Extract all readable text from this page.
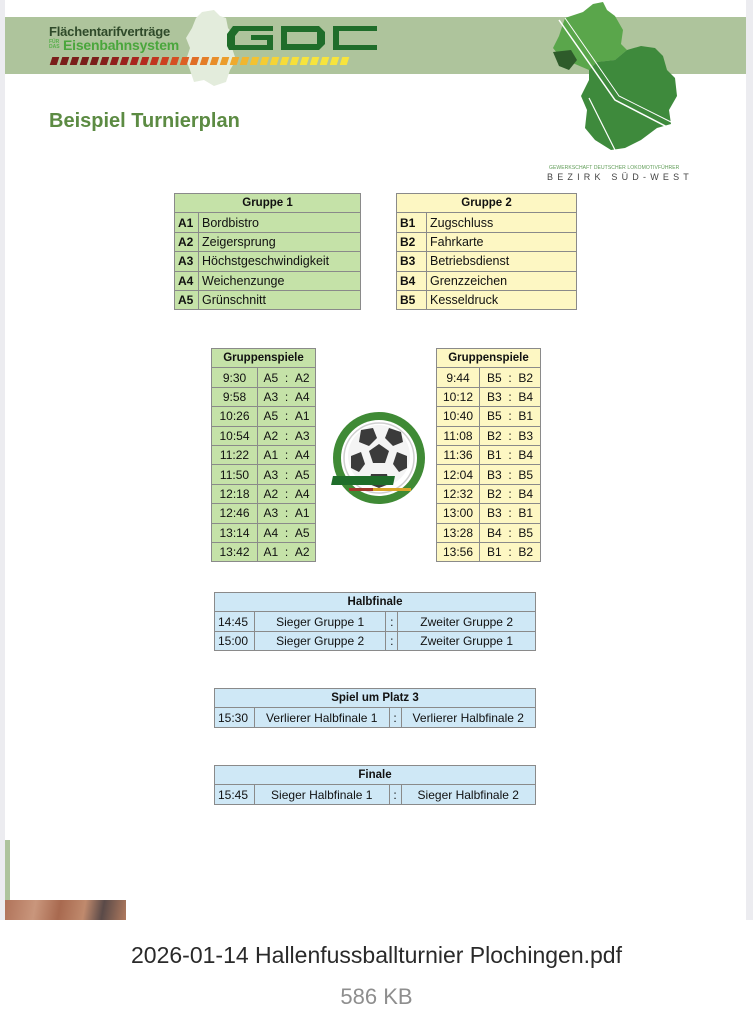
Flächentarifverträge
FÜR DAS Eisenbahnsystem
GEWERKSCHAFT DEUTSCHER LOKOMOTIVFÜHRER
BEZIRK SÜD-WEST
Beispiel Turnierplan
Gruppe 1	
A1	Bordbistro
A2	Zeigersprung
A3	Höchstgeschwindigkeit
A4	Weichenzunge
A5	Grünschnitt
Gruppe 2	
B1	Zugschluss
B2	Fahrkarte
B3	Betriebsdienst
B4	Grenzzeichen
B5	Kesseldruck
Gruppenspiele	
9:30	A5 : A2
9:58	A3 : A4
10:26	A5 : A1
10:54	A2 : A3
11:22	A1 : A4
11:50	A3 : A5
12:18	A2 : A4
12:46	A3 : A1
13:14	A4 : A5
13:42	A1 : A2
Gruppenspiele	
9:44	B5 : B2
10:12	B3 : B4
10:40	B5 : B1
11:08	B2 : B3
11:36	B1 : B4
12:04	B3 : B5
12:32	B2 : B4
13:00	B3 : B1
13:28	B4 : B5
13:56	B1 : B2
Halbfinale			
14:45	Sieger Gruppe 1	:	Zweiter Gruppe 2
15:00	Sieger Gruppe 2	:	Zweiter Gruppe 1
Spiel um Platz 3
15:30	Verlierer Halbfinale 1	:	Verlierer Halbfinale 2
Finale
15:45	Sieger Halbfinale 1	:	Sieger Halbfinale 2
2026-01-14 Hallenfussballturnier Plochingen.pdf
586 KB
